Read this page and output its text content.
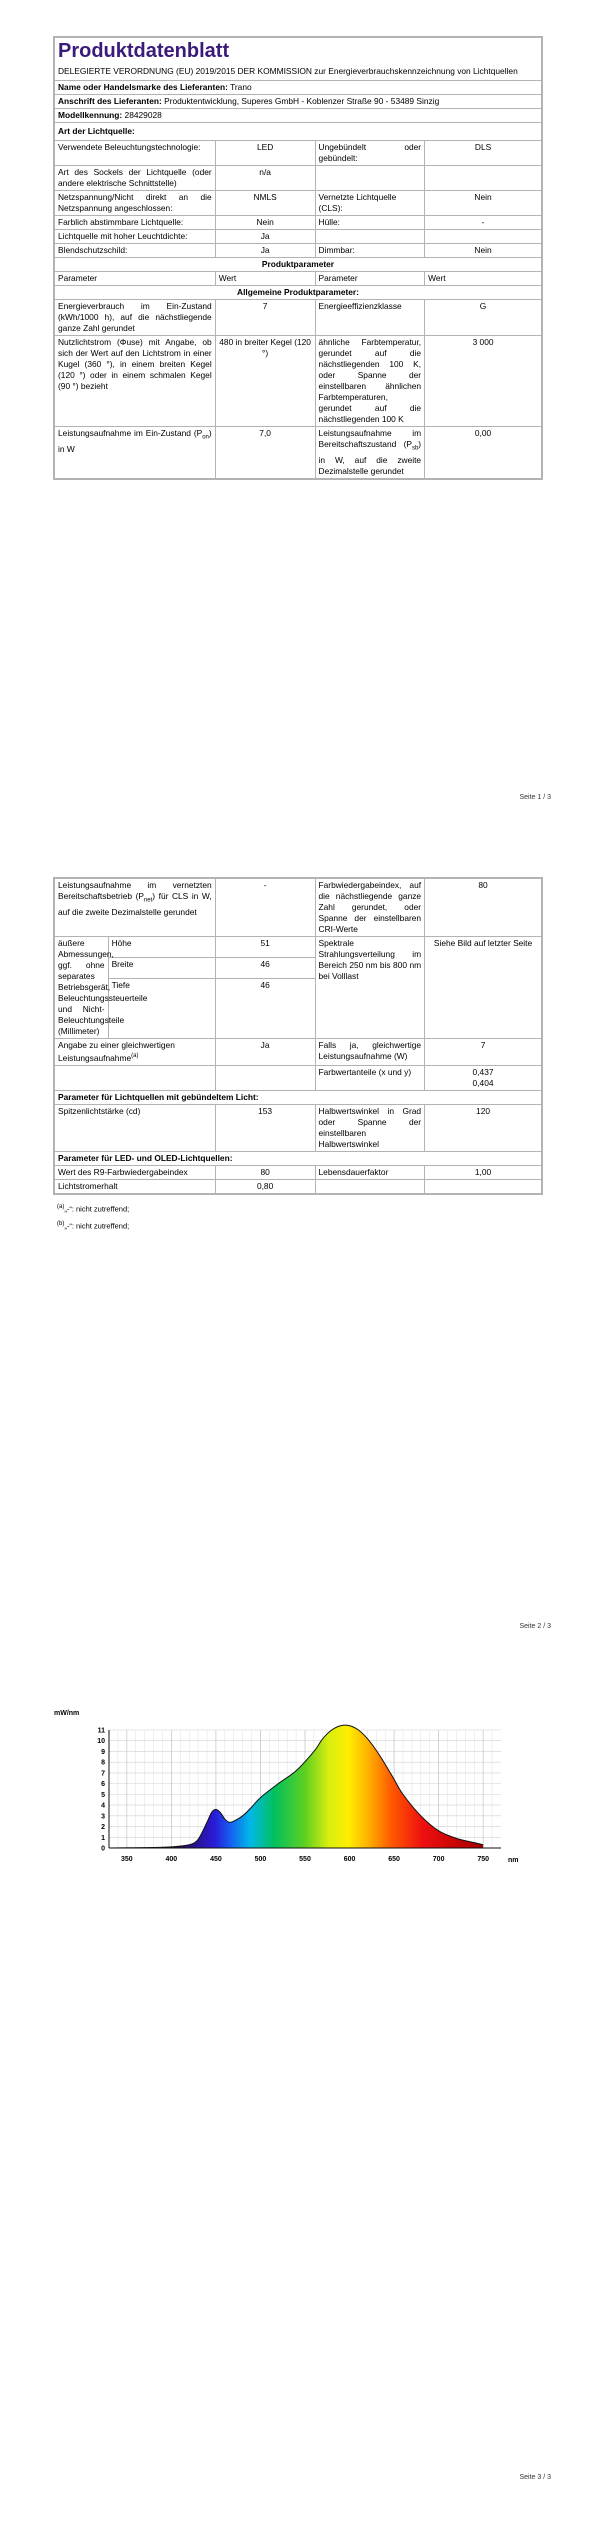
Produktdatenblatt
DELEGIERTE VERORDNUNG (EU) 2019/2015 DER KOMMISSION zur Energieverbrauchskennzeichnung von Lichtquellen			

Name oder Handelsmarke des Lieferanten: Trano			
Anschrift des Lieferanten: Produktentwicklung, Superes GmbH - Koblenzer Straße 90 - 53489 Sinzig			
Modellkennung: 28429028			
Art der Lichtquelle:			
Verwendete Beleuchtungstechnologie:	LED	Ungebündelt oder gebündelt:	DLS
Art des Sockels der Lichtquelle (oder andere elektrische Schnittstelle)	n/a		
Netzspannung/Nicht direkt an die Netzspannung angeschlossen:	NMLS	Vernetzte Lichtquelle (CLS):	Nein
Farblich abstimmbare Lichtquelle:	Nein	Hülle:	-
Lichtquelle mit hoher Leuchtdichte:	Ja		
Blendschutzschild:	Ja	Dimmbar:	Nein
Produktparameter			
Parameter	Wert	Parameter	Wert
Allgemeine Produktparameter:			
Energieverbrauch im Ein-Zustand (kWh/1000 h), auf die nächstliegende ganze Zahl gerundet	7	Energieeffizienzklasse	G
Nutzlichtstrom (Φuse) mit Angabe, ob sich der Wert auf den Lichtstrom in einer Kugel (360 °), in einem breiten Kegel (120 °) oder in einem schmalen Kegel (90 °) bezieht	480 in breiter Kegel (120 °)	ähnliche Farbtemperatur, gerundet auf die nächstliegenden 100 K, oder Spanne der einstellbaren ähnlichen Farbtemperaturen, gerundet auf die nächstliegenden 100 K	3 000
Leistungsaufnahme im Ein-Zustand $(P_{on})$ in W	7,0	Leistungsaufnahme im Bereitschaftszustand $(P_{sb})$ in W, auf die zweite Dezimalstelle gerundet	0,00
Seite 1 / 3
Leistungsaufnahme im vernetzten Bereitschaftsbetrieb $(P_{net})$ für CLS in W, auf die zweite Dezimalstelle gerundet		-	Farbwiedergabeindex, auf die nächstliegende ganze Zahl gerundet, oder Spanne der einstellbaren CRI-Werte	80
äußere Abmessungen, ggf. ohne separates Betriebsgerät, Beleuchtungssteuerteile und Nicht-Beleuchtungsteile (Millimeter)	Höhe	51	Spektrale Strahlungsverteilung im Bereich 250 nm bis 800 nm bei Volllast	Siehe Bild auf letzter Seite
	Breite	46		
	Tiefe	46		
Angabe zu einer gleichwertigen Leistungsaufnahme$^{(a)}$		Ja	Falls ja, gleichwertige Leistungsaufnahme (W)	7
			Farbwertanteile (x und y)	0,437
0,404

Parameter für Lichtquellen mit gebündeltem Licht:				
Spitzenlichtstärke (cd)		153	Halbwertswinkel in Grad oder Spanne der einstellbaren Halbwertswinkel	120
Parameter für LED- und OLED-Lichtquellen:				
Wert des R9-Farbwiedergabeindex		80	Lebensdauerfaktor	1,00
Lichtstromerhalt		0,80		
$^{(a)}$„-“: nicht zutreffend;
$^{(b)}$„-“: nicht zutreffend;
Seite 2 / 3
0
1
2
3
4
5
6
7
8
9
10
11
350	400	450	500	550	600	650	700	750
mW/nm
nm
Seite 3 / 3
